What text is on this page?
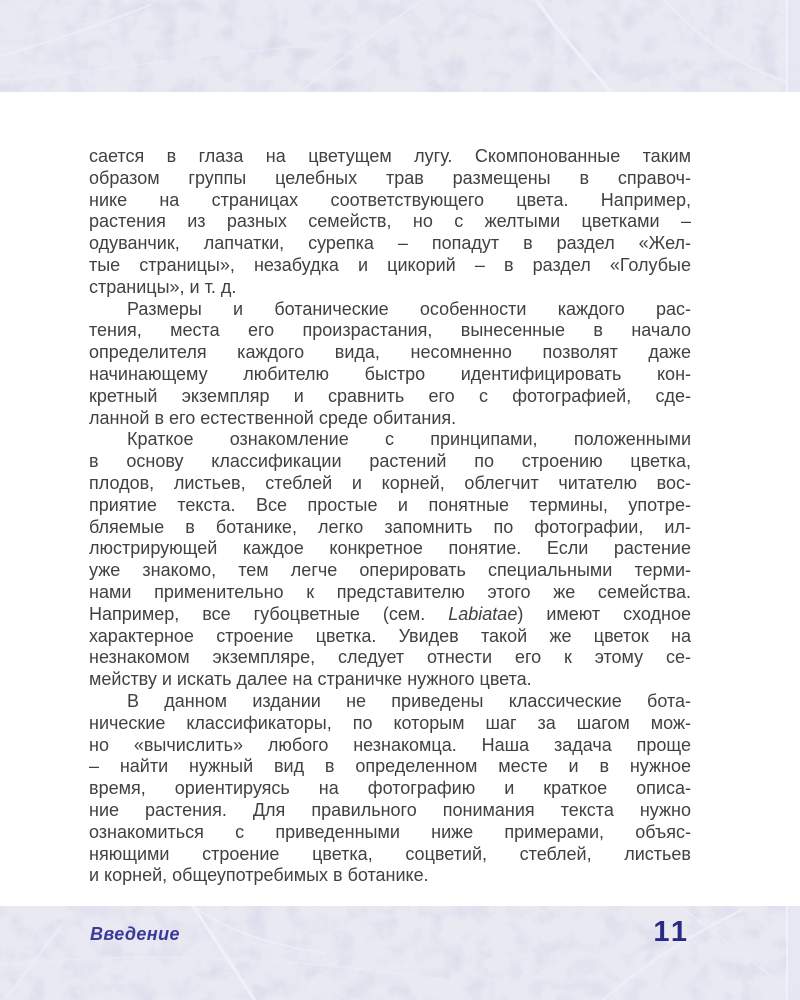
сается в глаза на цветущем лугу. Скомпонованные таким
образом группы целебных трав размещены в справоч-
нике на страницах соответствующего цвета. Например,
растения из разных семейств, но с желтыми цветками –
одуванчик, лапчатки, сурепка – попадут в раздел «Жел-
тые страницы», незабудка и цикорий – в раздел «Голубые
страницы», и т. д.
Размеры и ботанические особенности каждого рас-
тения, места его произрастания, вынесенные в начало
определителя каждого вида, несомненно позволят даже
начинающему любителю быстро идентифицировать кон-
кретный экземпляр и сравнить его с фотографией, сде-
ланной в его естественной среде обитания.
Краткое ознакомление с принципами, положенными
в основу классификации растений по строению цветка,
плодов, листьев, стеблей и корней, облегчит читателю вос-
приятие текста. Все простые и понятные термины, употре-
бляемые в ботанике, легко запомнить по фотографии, ил-
люстрирующей каждое конкретное понятие. Если растение
уже знакомо, тем легче оперировать специальными терми-
нами применительно к представителю этого же семейства.
Например, все губоцветные (сем. Labiatae) имеют сходное
характерное строение цветка. Увидев такой же цветок на
незнакомом экземпляре, следует отнести его к этому се-
мейству и искать далее на страничке нужного цвета.
В данном издании не приведены классические бота-
нические классификаторы, по которым шаг за шагом мож-
но «вычислить» любого незнакомца. Наша задача проще
– найти нужный вид в определенном месте и в нужное
время, ориентируясь на фотографию и краткое описа-
ние растения. Для правильного понимания текста нужно
ознакомиться с приведенными ниже примерами, объяс-
няющими строение цветка, соцветий, стеблей, листьев
и корней, общеупотребимых в ботанике.
Введение	11
